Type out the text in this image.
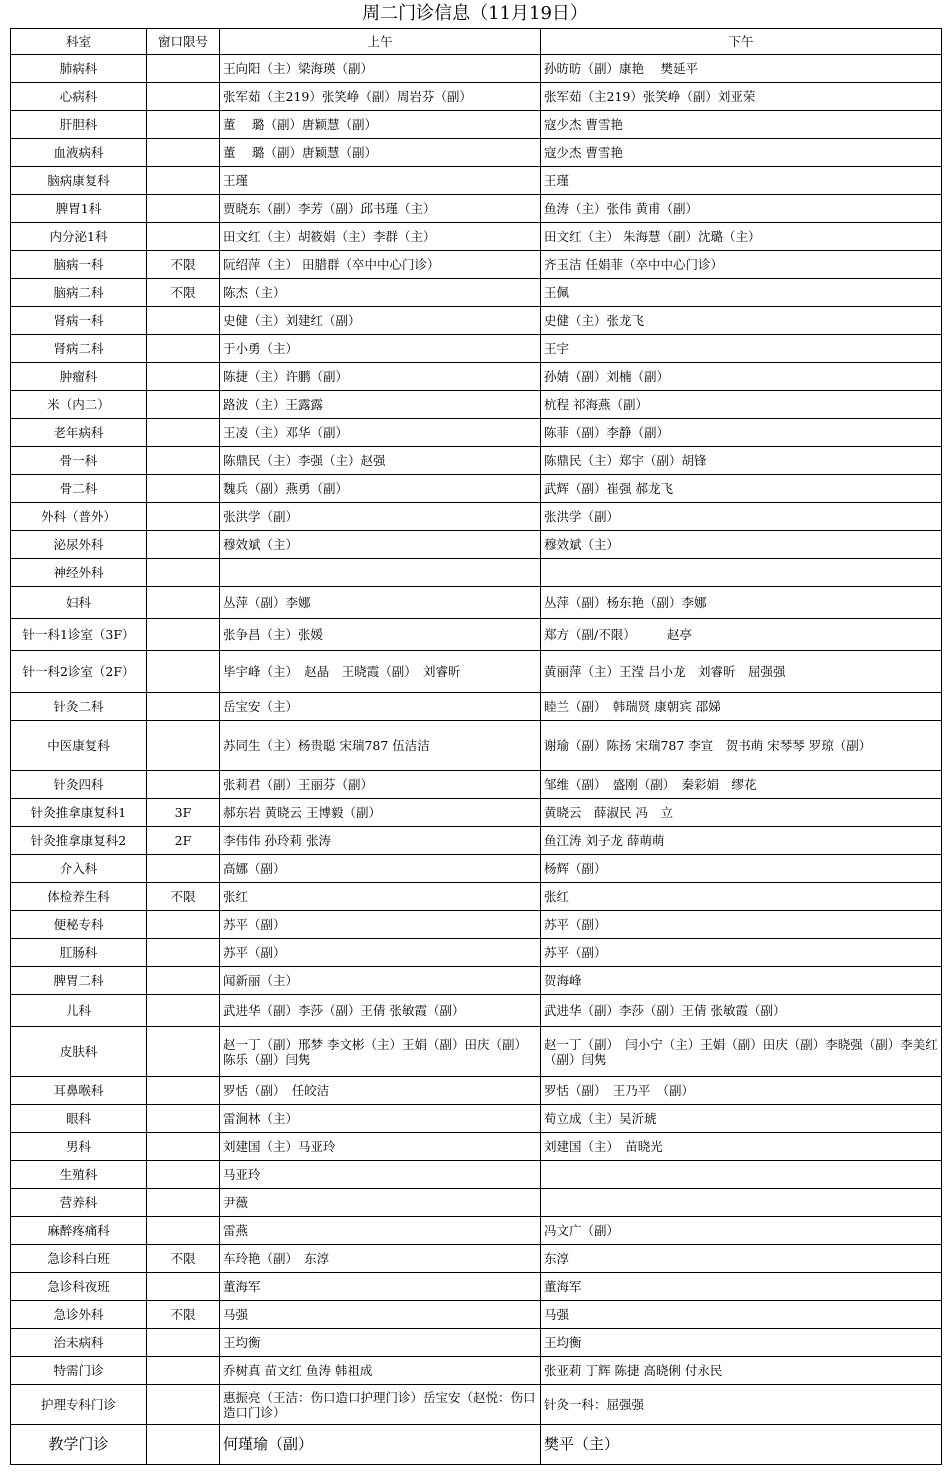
周二门诊信息（11月19日）
科室	窗口限号	上午	下午
肺病科		王向阳（主）梁海瑛（副）	孙昉昉（副）康艳　 樊延平
心病科		张军茹（主219）张笑峥（副）周岩芬（副）	张军茹（主219）张笑峥（副）刘亚荣
肝胆科		董　 璐（副）唐颖慧（副）	寇少杰 曹雪艳
血液病科		董　 璐（副）唐颖慧（副）	寇少杰 曹雪艳
脑病康复科		王瑾	王瑾
脾胃1科		贾晓东（副）李芳（副）邱书瑾（主）	鱼涛（主）张伟 黄甫（副）
内分泌1科		田文红（主）胡筱娟（主）李群（主）	田文红（主） 朱海慧（副）沈璐（主）
脑病一科	不限	阮绍萍（主） 田腊群（卒中中心门诊）	齐玉洁 任娟菲（卒中中心门诊）
脑病二科	不限	陈杰（主）	王佩
肾病一科		史健（主）刘建红（副）	史健（主）张龙飞
肾病二科		于小勇（主）	王宇
肿瘤科		陈捷（主）许鹏（副）	孙婧（副）刘楠（副）
米（内二）		路波（主）王露露	杭程 祁海燕（副）
老年病科		王凌（主）邓华（副）	陈菲（副）李静（副）
骨一科		陈鼎民（主）李强（主）赵强	陈鼎民（主）郑宇（副）胡锋
骨二科		魏兵（副）燕勇（副）	武辉（副）崔强 郝龙飞
外科（普外）		张洪学（副）	张洪学（副）
泌尿外科		穆效斌（主）	穆效斌（主）
神经外科			
妇科		丛萍（副）李娜	丛萍（副）杨东艳（副）李娜
针一科1诊室（3F）		张争昌（主）张媛	郑方（副/不限）　　　赵亭
针一科2诊室（2F）		毕宇峰（主）　赵晶　王晓霞（副）　刘睿昕	黄丽萍（主）王滢 吕小龙　刘睿昕　屈强强
针灸二科		岳宝安（主）	睦兰（副）　韩瑞贤 康朝宾 邵娣
中医康复科		苏同生（主）杨贵聪 宋瑞787 伍洁洁	谢瑜（副）陈扬 宋瑞787 李宣　贺书萌 宋琴琴 罗琼（副）
针灸四科		张莉君（副）王丽芬（副）	邹维（副）　盛刚（副）　秦彩娟　缪花
针灸推拿康复科1	3F	郝东岩 黄晓云 王博毅（副）	黄晓云　薛淑民 冯　立
针灸推拿康复科2	2F	李伟伟 孙玲莉 张涛	鱼江涛 刘子龙 薛萌萌
介入科		高娜（副）	杨辉（副）
体检养生科	不限	张红	张红
便秘专科		苏平（副）	苏平（副）
肛肠科		苏平（副）	苏平（副）
脾胃二科		闻新丽（主）	贺海峰
儿科		武进华（副）李莎（副）王倩 张敏霞（副）	武进华（副）李莎（副）王倩 张敏霞（副）
皮肤科		赵一丁（副）邢梦 李文彬（主）王娟（副）田庆（副）陈乐（副）闫隽	赵一丁（副）　闫小宁（主）王娟（副）田庆（副）李晓强（副）李美红（副）闫隽
耳鼻喉科		罗恬（副）　任皎洁	罗恬（副）　王乃平　（副）
眼科		雷涧林（主）	荀立成（主）吴沂琥
男科		刘建国（主）马亚玲	刘建国（主）　苗晓光
生殖科		马亚玲	
营养科		尹薇	
麻醉疼痛科		雷燕	冯文广（副）
急诊科白班	不限	车玲艳（副）　东淳	东淳
急诊科夜班		董海军	董海军
急诊外科	不限	马强	马强
治未病科		王均衡	王均衡
特需门诊		乔树真 苗文红 鱼涛 韩祖成	张亚莉 丁辉 陈捷 高晓俐 付永民
护理专科门诊		惠振亮（王洁：伤口造口护理门诊）岳宝安（赵悦：伤口造口门诊）	针灸一科：屈强强
教学门诊		何瑾瑜（副）	樊平（主）
